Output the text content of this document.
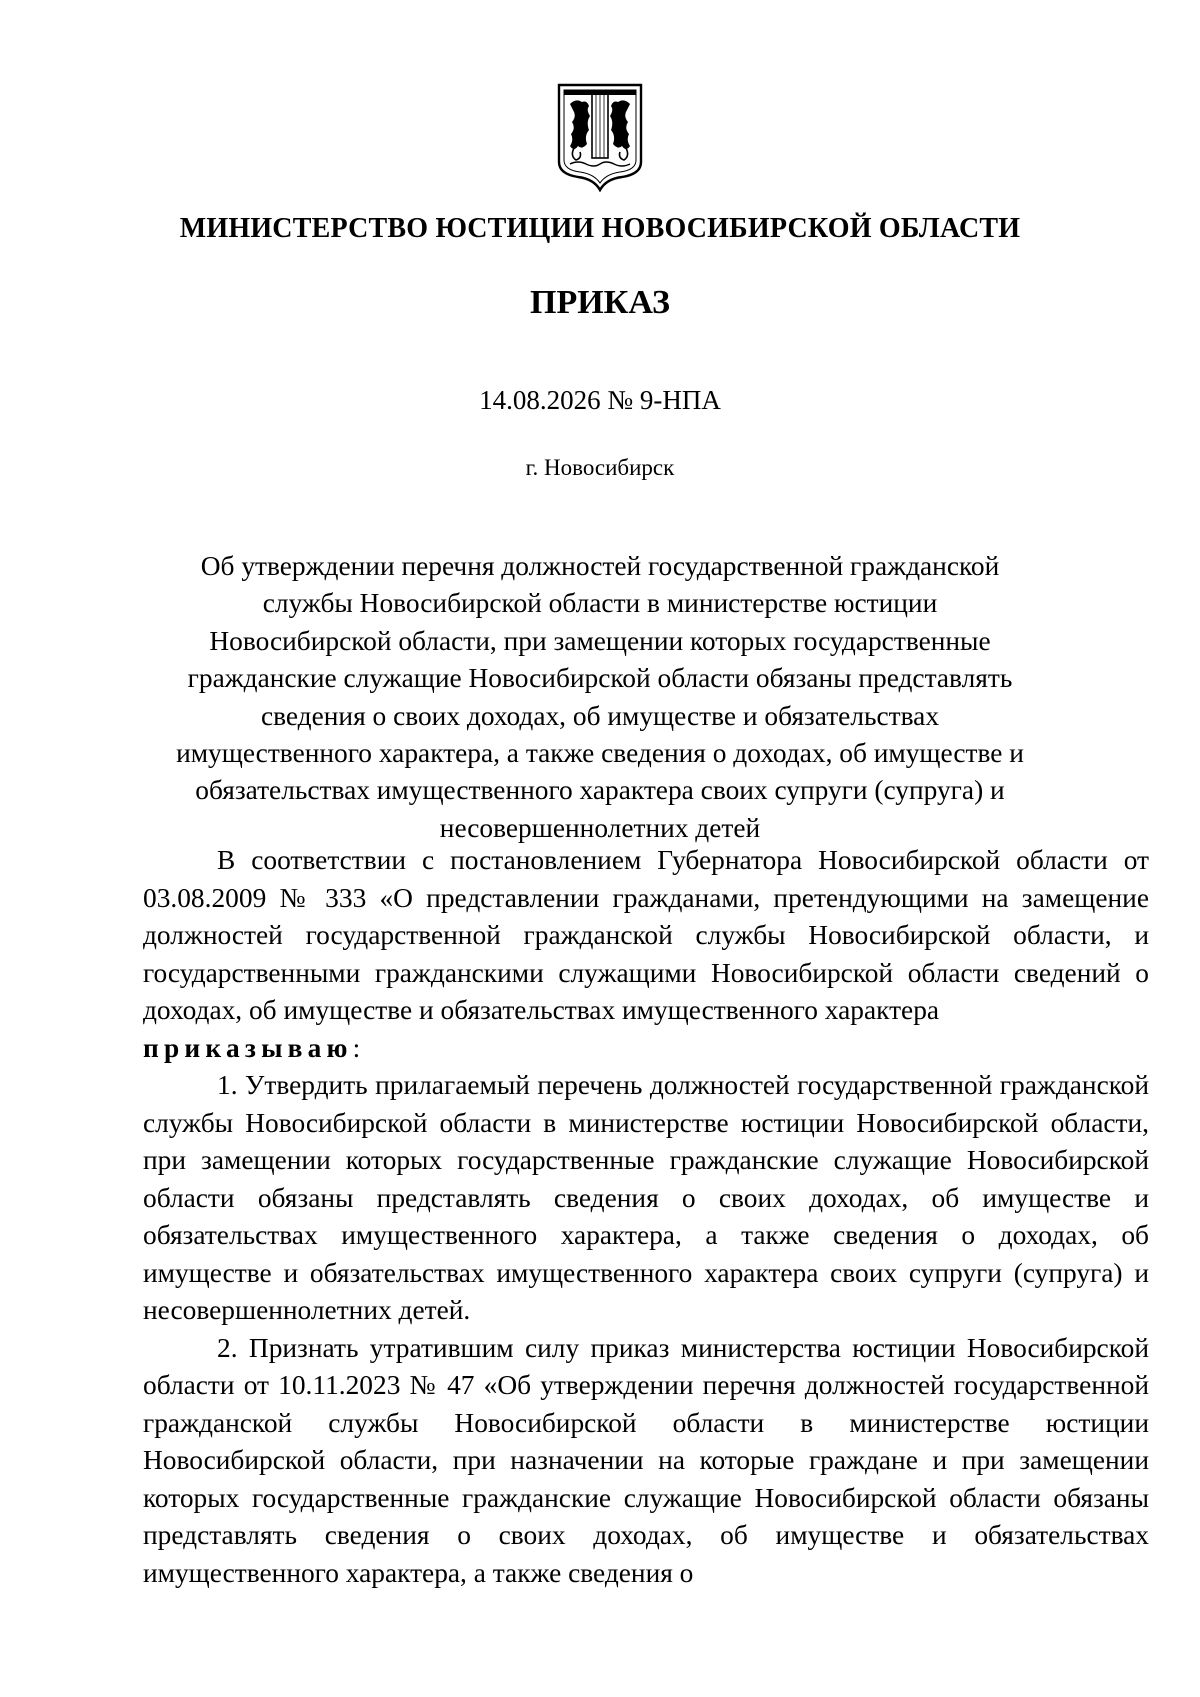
МИНИСТЕРСТВО ЮСТИЦИИ НОВОСИБИРСКОЙ ОБЛАСТИ
ПРИКАЗ
14.08.2026 № 9-НПА
г. Новосибирск
Об утверждении перечня должностей государственной гражданской службы Новосибирской области в министерстве юстиции Новосибирской области, при замещении которых государственные гражданские служащие Новосибирской области обязаны представлять сведения о своих доходах, об имуществе и обязательствах имущественного характера, а также сведения о доходах, об имуществе и обязательствах имущественного характера своих супруги (супруга) и несовершеннолетних детей

В соответствии с постановлением Губернатора Новосибирской области от 03.08.2009 № 333 «О представлении гражданами, претендующими на замещение должностей государственной гражданской службы Новосибирской области, и государственными гражданскими служащими Новосибирской области сведений о доходах, об имуществе и обязательствах имущественного характера

приказываю:

1. Утвердить прилагаемый перечень должностей государственной гражданской службы Новосибирской области в министерстве юстиции Новосибирской области, при замещении которых государственные гражданские служащие Новосибирской области обязаны представлять сведения о своих доходах, об имуществе и обязательствах имущественного характера, а также сведения о доходах, об имуществе и обязательствах имущественного характера своих супруги (супруга) и несовершеннолетних детей.

2. Признать утратившим силу приказ министерства юстиции Новосибирской области от 10.11.2023 № 47 «Об утверждении перечня должностей государственной гражданской службы Новосибирской области в министерстве юстиции Новосибирской области, при назначении на которые граждане и при замещении которых государственные гражданские служащие Новосибирской области обязаны представлять сведения о своих доходах, об имуществе и обязательствах имущественного характера, а также сведения о
